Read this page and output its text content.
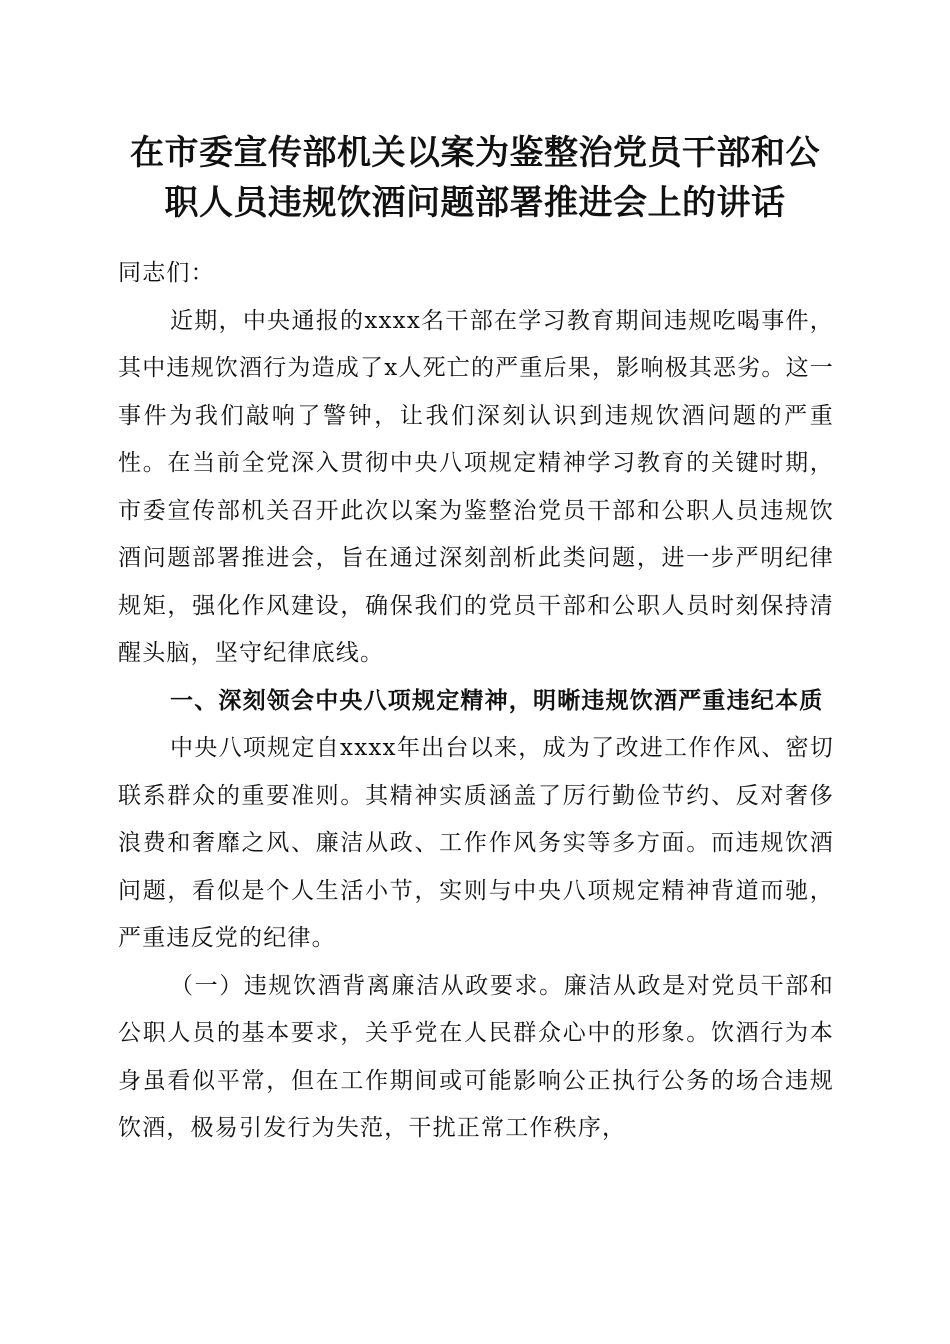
在市委宣传部机关以案为鉴整治党员干部和公
职人员违规饮酒问题部署推进会上的讲话

同志们：

近期，中央通报的xxxx名干部在学习教育期间违规吃喝事件，其中违规饮酒行为造成了x人死亡的严重后果，影响极其恶劣。这一事件为我们敲响了警钟，让我们深刻认识到违规饮酒问题的严重性。在当前全党深入贯彻中央八项规定精神学习教育的关键时期，市委宣传部机关召开此次以案为鉴整治党员干部和公职人员违规饮酒问题部署推进会，旨在通过深刻剖析此类问题，进一步严明纪律规矩，强化作风建设，确保我们的党员干部和公职人员时刻保持清醒头脑，坚守纪律底线。

一、深刻领会中央八项规定精神，明晰违规饮酒严重违纪本质

中央八项规定自xxxx年出台以来，成为了改进工作作风、密切联系群众的重要准则。其精神实质涵盖了厉行勤俭节约、反对奢侈浪费和奢靡之风、廉洁从政、工作作风务实等多方面。而违规饮酒问题，看似是个人生活小节，实则与中央八项规定精神背道而驰，严重违反党的纪律。

（一）违规饮酒背离廉洁从政要求。廉洁从政是对党员干部和公职人员的基本要求，关乎党在人民群众心中的形象。饮酒行为本身虽看似平常，但在工作期间或可能影响公正执行公务的场合违规饮酒，极易引发行为失范，干扰正常工作秩序，
